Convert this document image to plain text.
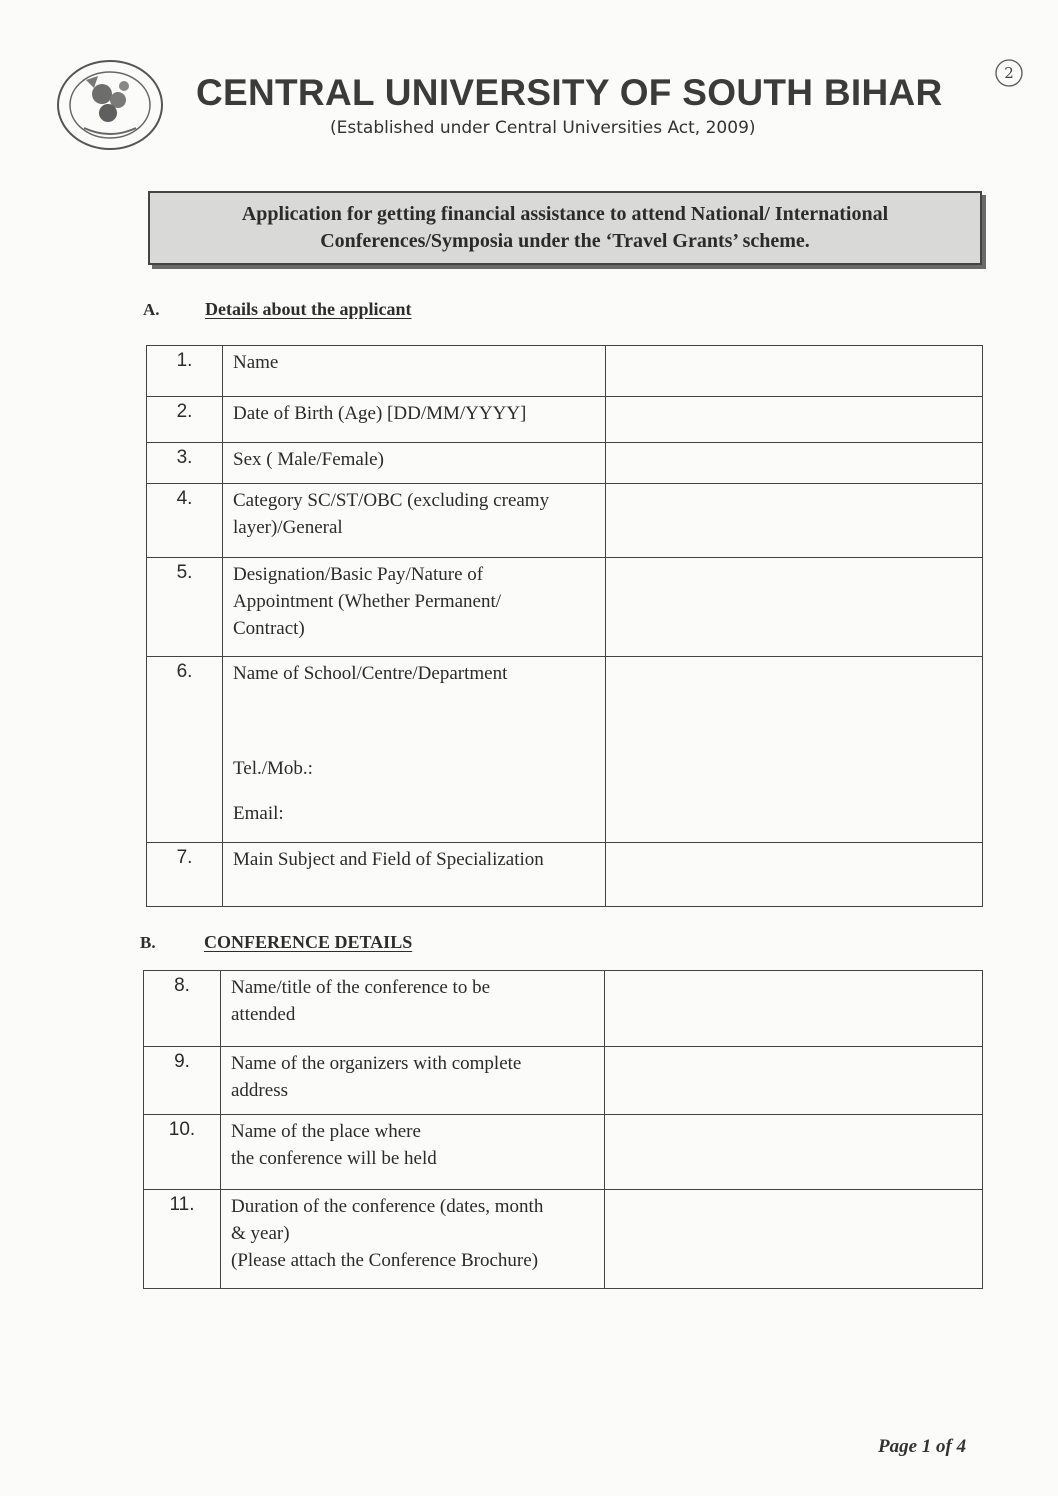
2
CENTRAL UNIVERSITY OF SOUTH BIHAR
(Established under Central Universities Act, 2009)
Application for getting financial assistance to attend National/ International
Conferences/Symposia under the ‘Travel Grants’ scheme.
A.	Details about the applicant
1.	Name	

2.	Date of Birth (Age) [DD/MM/YYYY]	

3.	Sex ( Male/Female)	

4.	Category SC/ST/OBC (excluding creamy
layer)/General	

5.	Designation/Basic Pay/Nature of
Appointment (Whether Permanent/
Contract)	

6.	Name of School/Centre/Department
Tel./Mob.:
Email:	

7.	Main Subject and Field of Specialization	

B.	CONFERENCE DETAILS
8.	Name/title of the conference to be
attended	

9.	Name of the organizers with complete
address	

10.	Name of the place where
the conference will be held	

11.	Duration of the conference (dates, month
& year)
(Please attach the Conference Brochure)	

Page 1 of 4
